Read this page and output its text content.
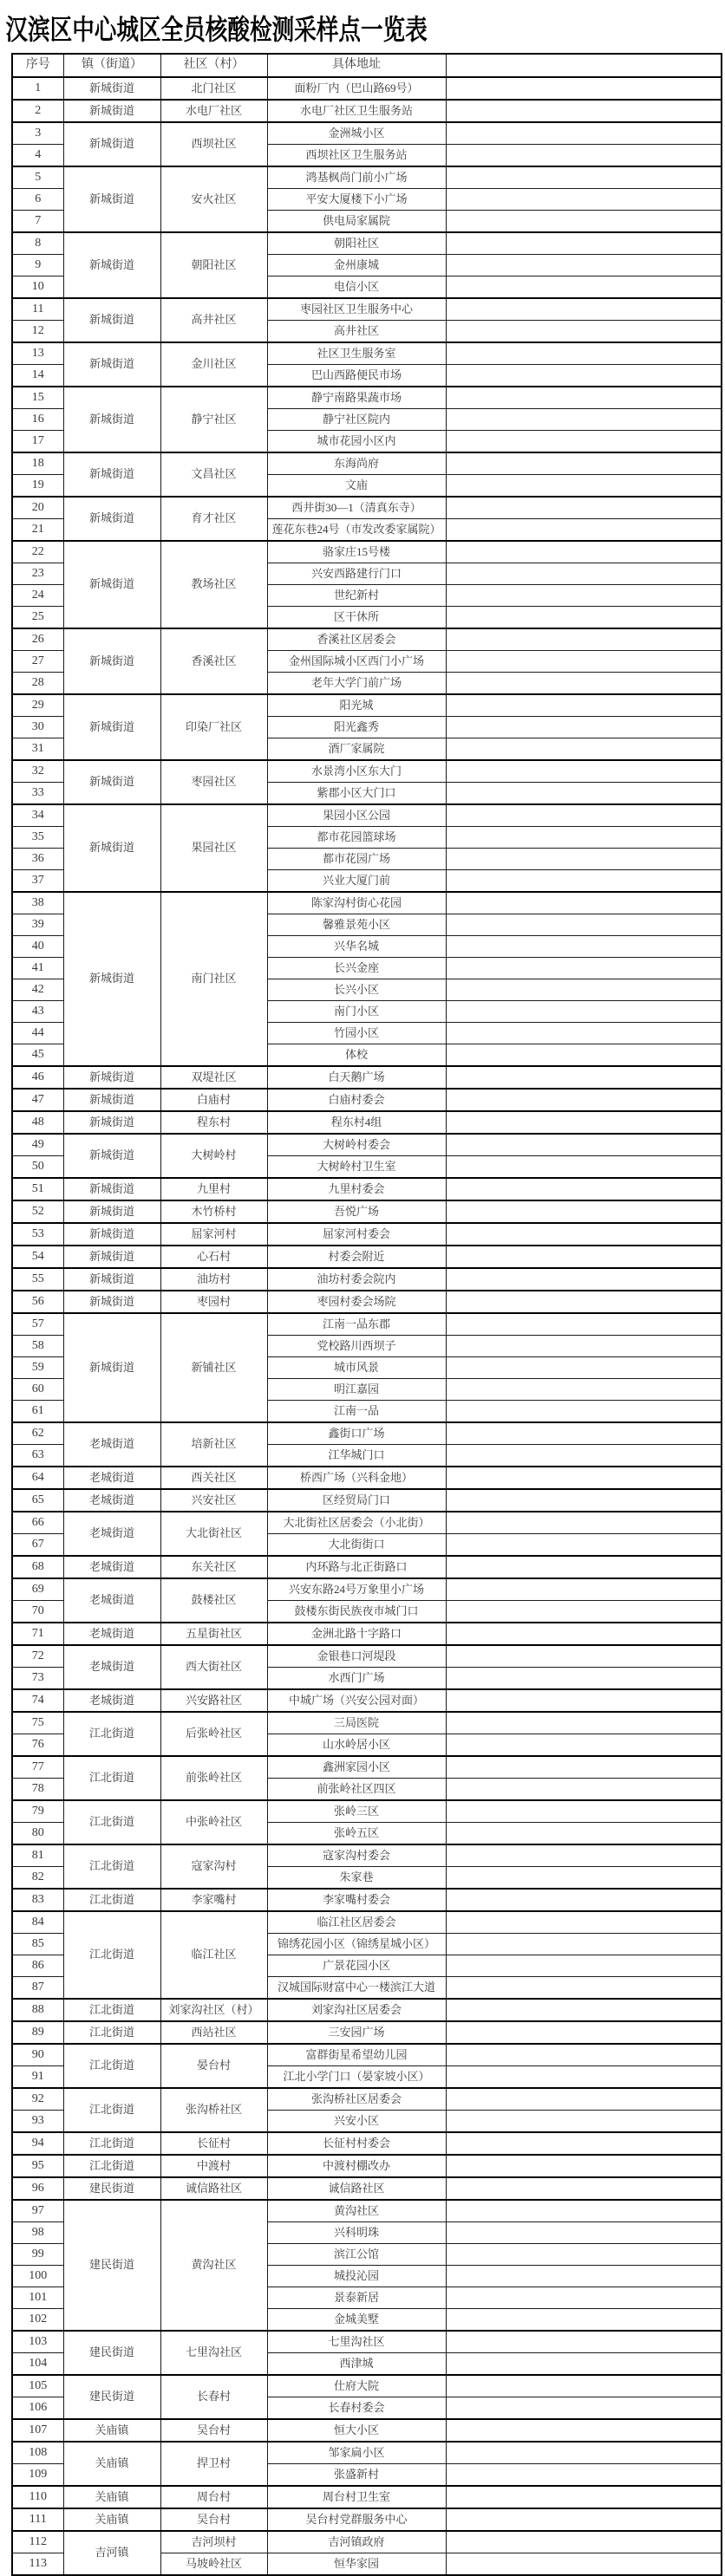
汉滨区中心城区全员核酸检测采样点一览表
序号	镇（街道）	社区（村）	具体地址	
1	新城街道	北门社区	面粉厂内（巴山路69号）	
2	新城街道	水电厂社区	水电厂社区卫生服务站	
3	新城街道	西坝社区	金洲城小区	
4			西坝社区卫生服务站	
5	新城街道	安火社区	鸿基枫尚门前小广场	
6			平安大厦楼下小广场	
7			供电局家属院	
8	新城街道	朝阳社区	朝阳社区	
9			金州康城	
10			电信小区	
11	新城街道	高井社区	枣园社区卫生服务中心	
12			高井社区	
13	新城街道	金川社区	社区卫生服务室	
14			巴山西路便民市场	
15	新城街道	静宁社区	静宁南路果蔬市场	
16			静宁社区院内	
17			城市花园小区内	
18	新城街道	文昌社区	东海尚府	
19			文庙	
20	新城街道	育才社区	西井街30—1（清真东寺）	
21			莲花东巷24号（市发改委家属院）	
22	新城街道	教场社区	骆家庄15号楼	
23			兴安西路建行门口	
24			世纪新村	
25			区干休所	
26	新城街道	香溪社区	香溪社区居委会	
27			金州国际城小区西门小广场	
28			老年大学门前广场	
29	新城街道	印染厂社区	阳光城	
30			阳光鑫秀	
31			酒厂家属院	
32	新城街道	枣园社区	水景湾小区东大门	
33			紫郡小区大门口	
34	新城街道	果园社区	果园小区公园	
35			都市花园篮球场	
36			都市花园广场	
37			兴业大厦门前	
38	新城街道	南门社区	陈家沟村街心花园	
39			馨雅景苑小区	
40			兴华名城	
41			长兴金座	
42			长兴小区	
43			南门小区	
44			竹园小区	
45			体校	
46	新城街道	双堤社区	白天鹅广场	
47	新城街道	白庙村	白庙村委会	
48	新城街道	程东村	程东村4组	
49	新城街道	大树岭村	大树岭村委会	
50			大树岭村卫生室	
51	新城街道	九里村	九里村委会	
52	新城街道	木竹桥村	吾悦广场	
53	新城街道	屈家河村	屈家河村委会	
54	新城街道	心石村	村委会附近	
55	新城街道	油坊村	油坊村委会院内	
56	新城街道	枣园村	枣园村委会场院	
57	新城街道	新铺社区	江南一品东郡	
58			党校路川西坝子	
59			城市风景	
60			明江嘉园	
61			江南一品	
62	老城街道	培新社区	鑫街口广场	
63			江华城门口	
64	老城街道	西关社区	桥西广场（兴科金地）	
65	老城街道	兴安社区	区经贸局门口	
66	老城街道	大北街社区	大北街社区居委会（小北街）	
67			大北街街口	
68	老城街道	东关社区	内环路与北正街路口	
69	老城街道	鼓楼社区	兴安东路24号万象里小广场	
70			鼓楼东街民族夜市城门口	
71	老城街道	五星街社区	金洲北路十字路口	
72	老城街道	西大街社区	金银巷口河堤段	
73			水西门广场	
74	老城街道	兴安路社区	中城广场（兴安公园对面）	
75	江北街道	后张岭社区	三局医院	
76			山水岭居小区	
77	江北街道	前张岭社区	鑫洲家园小区	
78			前张岭社区四区	
79	江北街道	中张岭社区	张岭三区	
80			张岭五区	
81	江北街道	寇家沟村	寇家沟村委会	
82			朱家巷	
83	江北街道	李家嘴村	李家嘴村委会	
84	江北街道	临江社区	临江社区居委会	
85			锦绣花园小区（锦绣星城小区）	
86			广景花园小区	
87			汉城国际财富中心一楼滨江大道	
88	江北街道	刘家沟社区（村）	刘家沟社区居委会	
89	江北街道	西站社区	三安园广场	
90	江北街道	晏台村	富群街星希望幼儿园	
91			江北小学门口（晏家坡小区）	
92	江北街道	张沟桥社区	张沟桥社区居委会	
93			兴安小区	
94	江北街道	长征村	长征村村委会	
95	江北街道	中渡村	中渡村棚改办	
96	建民街道	诚信路社区	诚信路社区	
97	建民街道	黄沟社区	黄沟社区	
98			兴科明珠	
99			滨江公馆	
100			城投沁园	
101			景泰新居	
102			金城美墅	
103	建民街道	七里沟社区	七里沟社区	
104			西津城	
105	建民街道	长春村	仕府大院	
106			长春村委会	
107	关庙镇	吴台村	恒大小区	
108	关庙镇	捍卫村	邹家扁小区	
109			张盛新村	
110	关庙镇	周台村	周台村卫生室	
111	关庙镇	吴台村	吴台村党群服务中心	
112	吉河镇	吉河坝村	吉河镇政府	
113		马坡岭社区	恒华家园	
